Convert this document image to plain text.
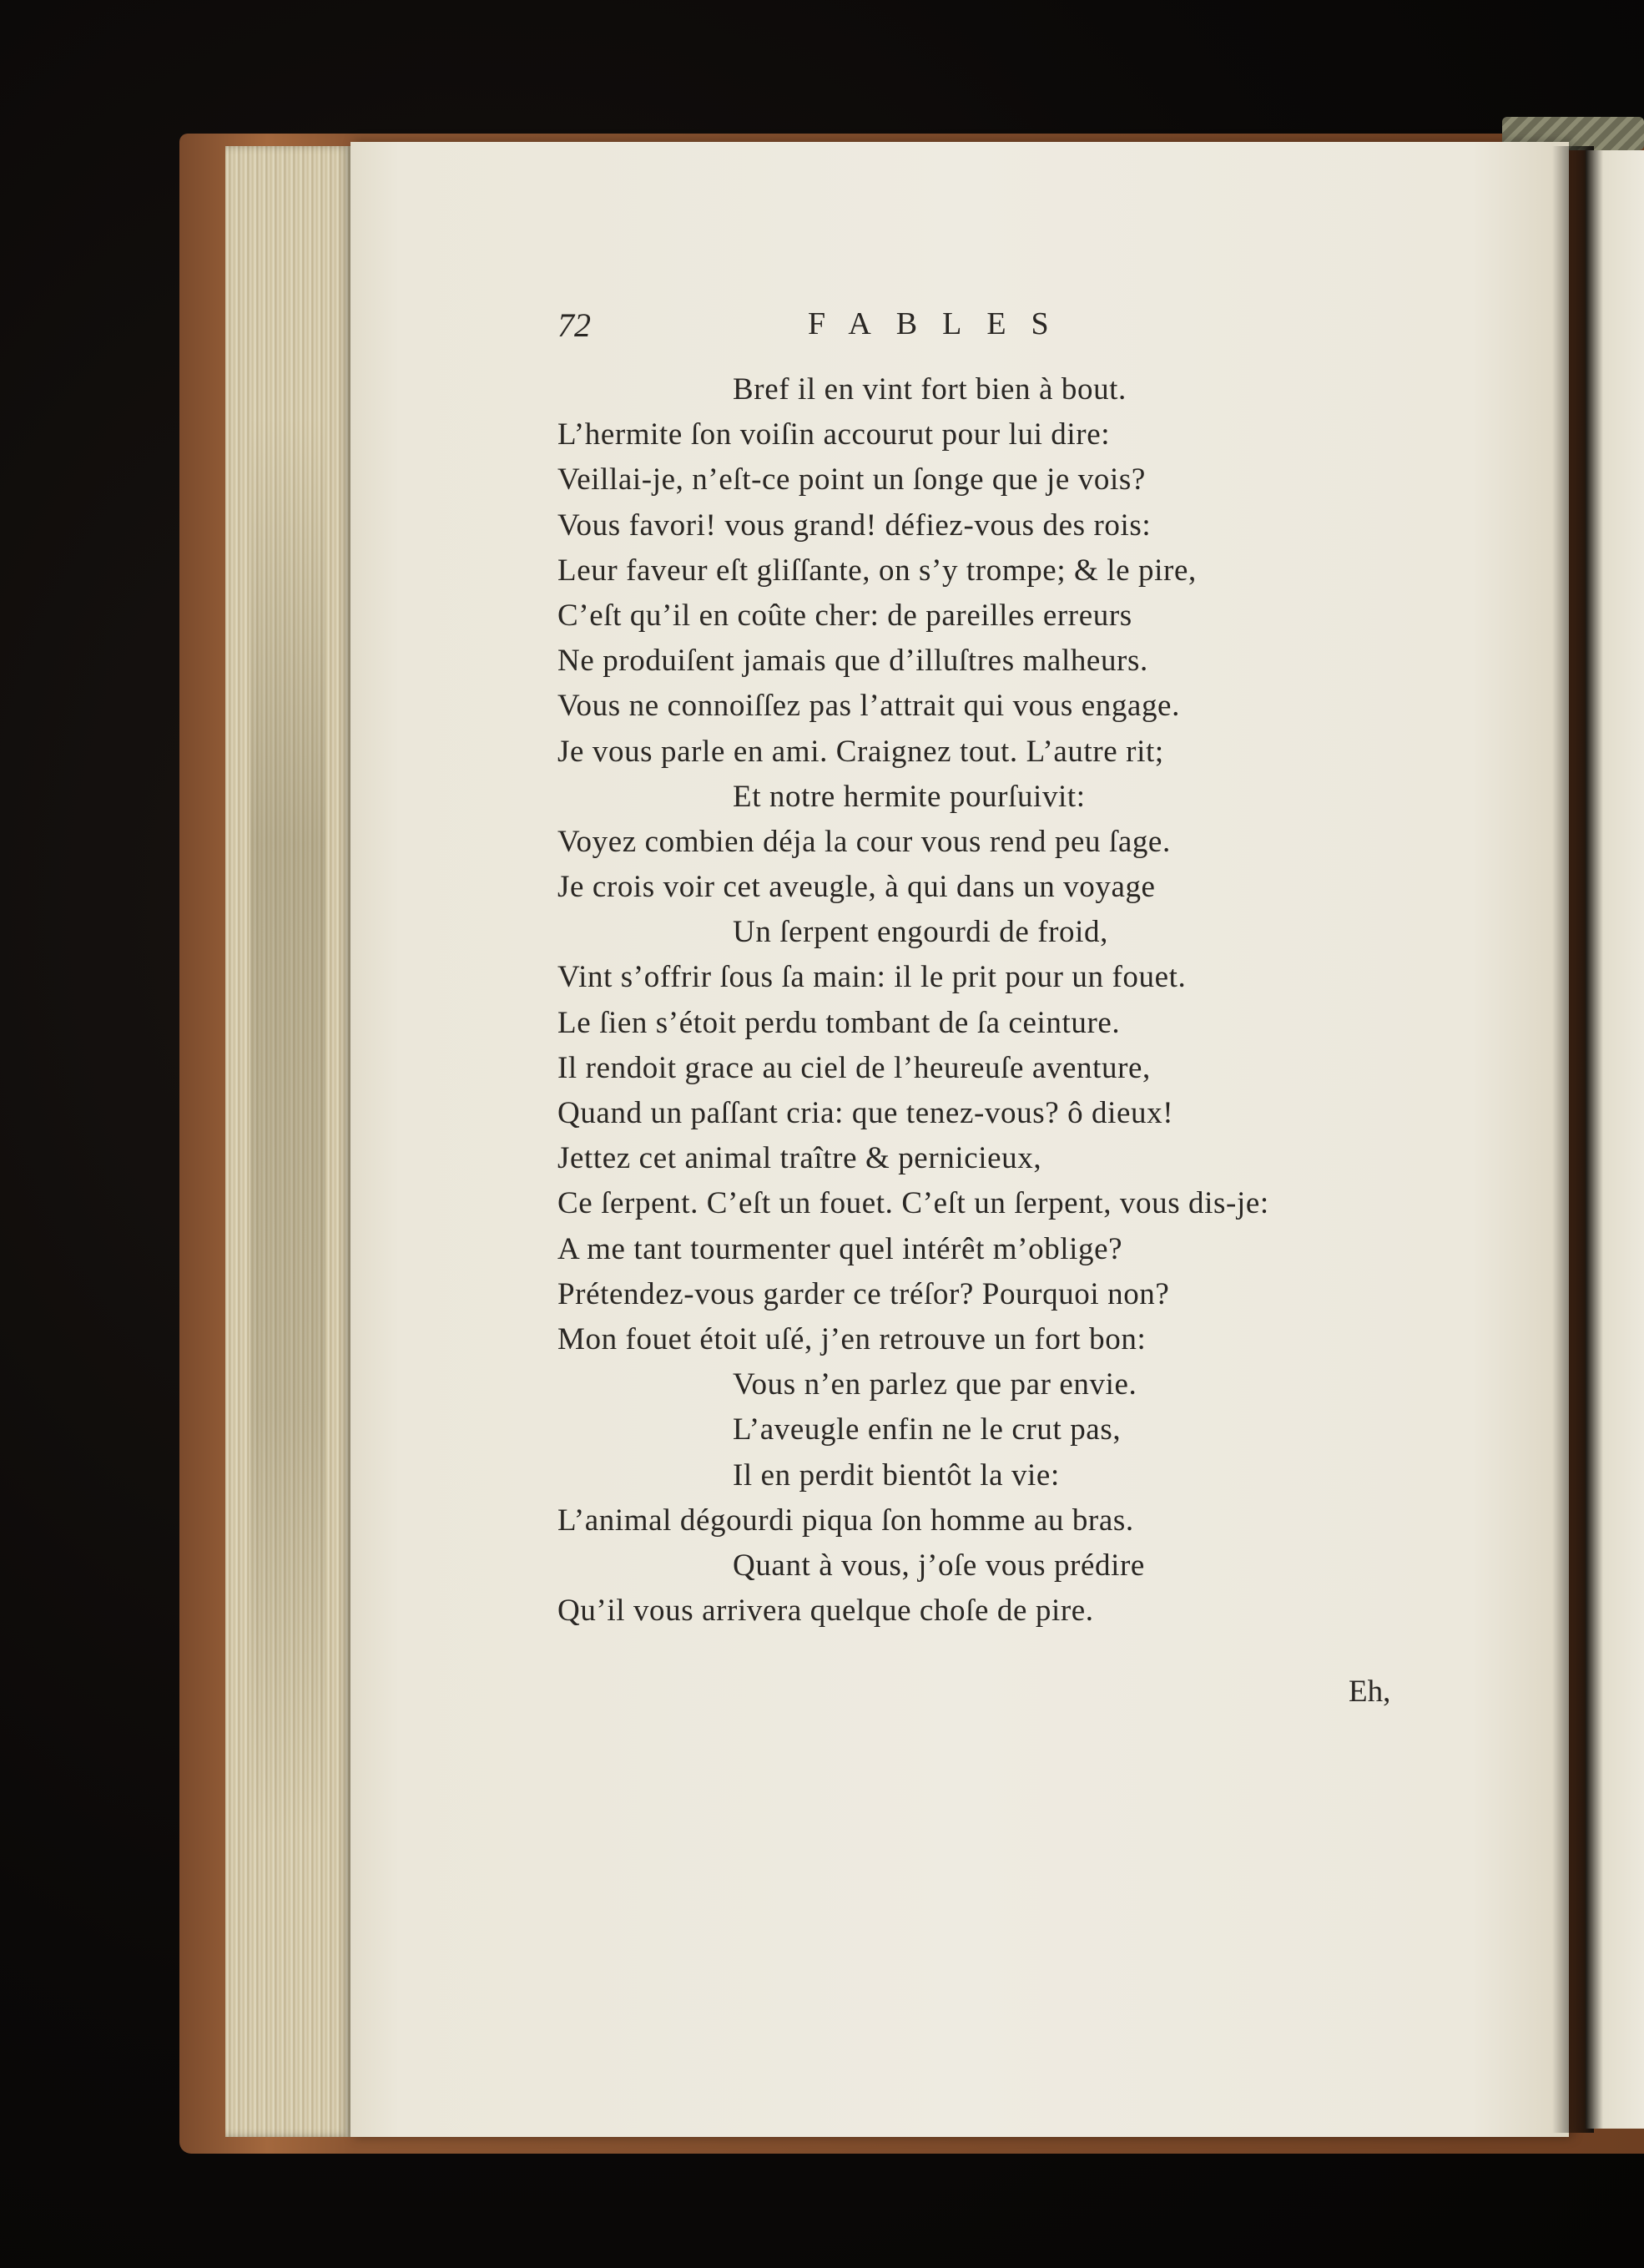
72	FABLES
Bref il en vint fort bien à bout.
L’hermite ſon voiſin accourut pour lui dire:
Veillai-je, n’eſt-ce point un ſonge que je vois?
Vous favori! vous grand! défiez-vous des rois:
Leur faveur eſt gliſſante, on s’y trompe; & le pire,
C’eſt qu’il en coûte cher: de pareilles erreurs
Ne produiſent jamais que d’illuſtres malheurs.
Vous ne connoiſſez pas l’attrait qui vous engage.
Je vous parle en ami. Craignez tout. L’autre rit;
Et notre hermite pourſuivit:
Voyez combien déja la cour vous rend peu ſage.
Je crois voir cet aveugle, à qui dans un voyage
Un ſerpent engourdi de froid,
Vint s’offrir ſous ſa main: il le prit pour un fouet.
Le ſien s’étoit perdu tombant de ſa ceinture.
Il rendoit grace au ciel de l’heureuſe aventure,
Quand un paſſant cria: que tenez-vous? ô dieux!
Jettez cet animal traître & pernicieux,
Ce ſerpent. C’eſt un fouet. C’eſt un ſerpent, vous dis-je:
A me tant tourmenter quel intérêt m’oblige?
Prétendez-vous garder ce tréſor? Pourquoi non?
Mon fouet étoit uſé, j’en retrouve un fort bon:
Vous n’en parlez que par envie.
L’aveugle enfin ne le crut pas,
Il en perdit bientôt la vie:
L’animal dégourdi piqua ſon homme au bras.
Quant à vous, j’oſe vous prédire
Qu’il vous arrivera quelque choſe de pire.
Eh,
